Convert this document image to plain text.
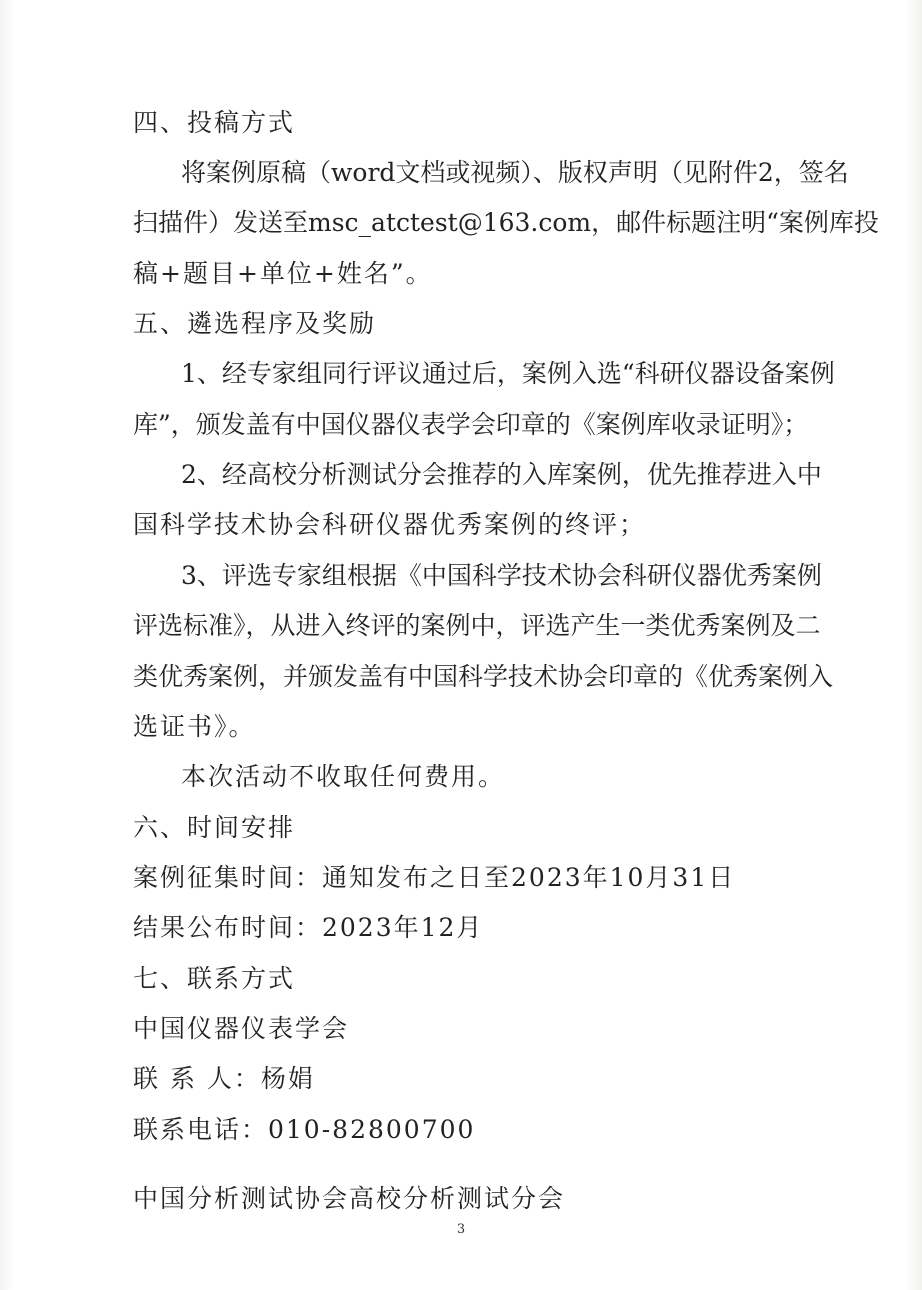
四、投稿方式
将案例原稿（word文档或视频）、版权声明（见附件2，签名
扫描件）发送至msc_atctest@163.com，邮件标题注明“案例库投
稿+题目+单位+姓名”。
五、遴选程序及奖励
1、经专家组同行评议通过后，案例入选“科研仪器设备案例
库”，颁发盖有中国仪器仪表学会印章的《案例库收录证明》；
2、经高校分析测试分会推荐的入库案例，优先推荐进入中
国科学技术协会科研仪器优秀案例的终评；
3、评选专家组根据《中国科学技术协会科研仪器优秀案例
评选标准》，从进入终评的案例中，评选产生一类优秀案例及二
类优秀案例，并颁发盖有中国科学技术协会印章的《优秀案例入
选证书》。
本次活动不收取任何费用。
六、时间安排
案例征集时间：通知发布之日至2023年10月31日
结果公布时间：2023年12月
七、联系方式
中国仪器仪表学会
联 系 人：杨娟
联系电话：010-82800700
中国分析测试协会高校分析测试分会
3
